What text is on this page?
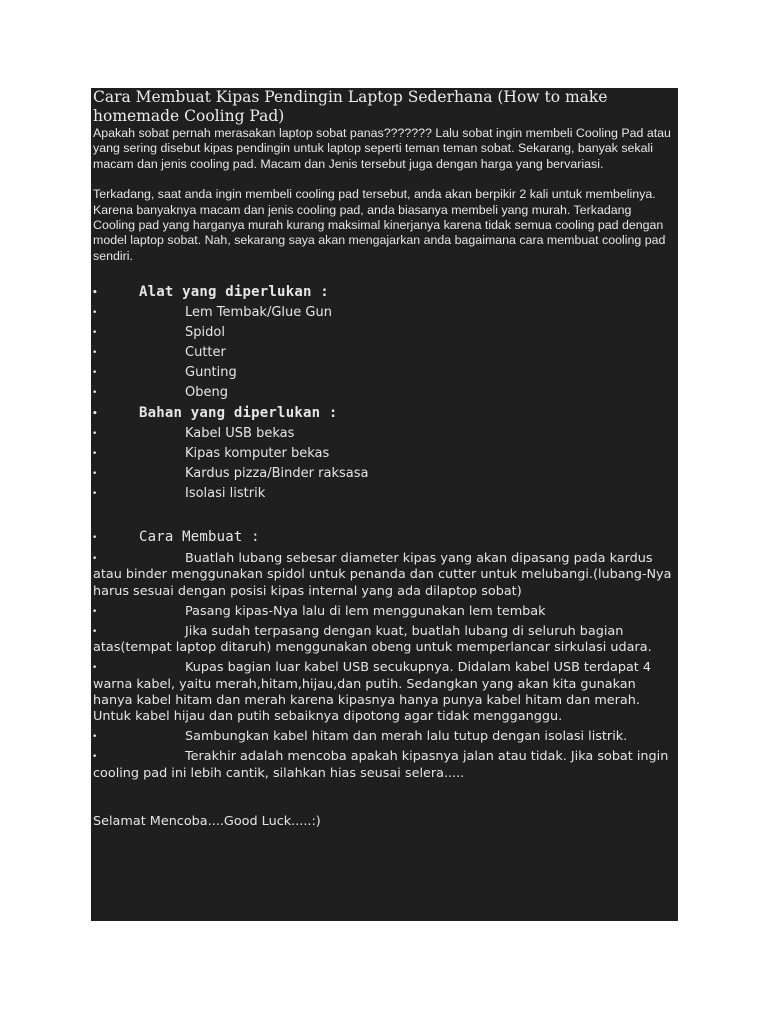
Cara Membuat Kipas Pendingin Laptop Sederhana (How to make homemade Cooling Pad)

Apakah sobat pernah merasakan laptop sobat panas??????? Lalu sobat ingin membeli Cooling Pad atau yang sering disebut kipas pendingin untuk laptop seperti teman teman sobat. Sekarang, banyak sekali macam dan jenis cooling pad. Macam dan Jenis tersebut juga dengan harga yang bervariasi.

Terkadang, saat anda ingin membeli cooling pad tersebut, anda akan berpikir 2 kali untuk membelinya. Karena banyaknya macam dan jenis cooling pad, anda biasanya membeli yang murah. Terkadang Cooling pad yang harganya murah kurang maksimal kinerjanya karena tidak semua cooling pad dengan model laptop sobat. Nah, sekarang saya akan mengajarkan anda bagaimana cara membuat cooling pad sendiri.

•	Alat yang diperlukan :
•	Lem Tembak/Glue Gun
•	Spidol
•	Cutter
•	Gunting
•	Obeng
•	Bahan yang diperlukan :
•	Kabel USB bekas
•	Kipas komputer bekas
•	Kardus pizza/Binder raksasa
•	Isolasi listrik
•	Cara Membuat :
•	Buatlah lubang sebesar diameter kipas yang akan dipasang pada kardus atau binder menggunakan spidol untuk penanda dan cutter untuk melubangi.(lubang-Nya harus sesuai dengan posisi kipas internal yang ada dilaptop sobat)
•	Pasang kipas-Nya lalu di lem menggunakan lem tembak
•	Jika sudah terpasang dengan kuat, buatlah lubang di seluruh bagian atas(tempat laptop ditaruh) menggunakan obeng untuk memperlancar sirkulasi udara.
•	Kupas bagian luar kabel USB secukupnya. Didalam kabel USB terdapat 4 warna kabel, yaitu merah,hitam,hijau,dan putih. Sedangkan yang akan kita gunakan hanya kabel hitam dan merah karena kipasnya hanya punya kabel hitam dan merah. Untuk kabel hijau dan putih sebaiknya dipotong agar tidak mengganggu.
•	Sambungkan kabel hitam dan merah lalu tutup dengan isolasi listrik.
•	Terakhir adalah mencoba apakah kipasnya jalan atau tidak. Jika sobat ingin cooling pad ini lebih cantik, silahkan hias seusai selera.....

Selamat Mencoba....Good Luck.....:)
